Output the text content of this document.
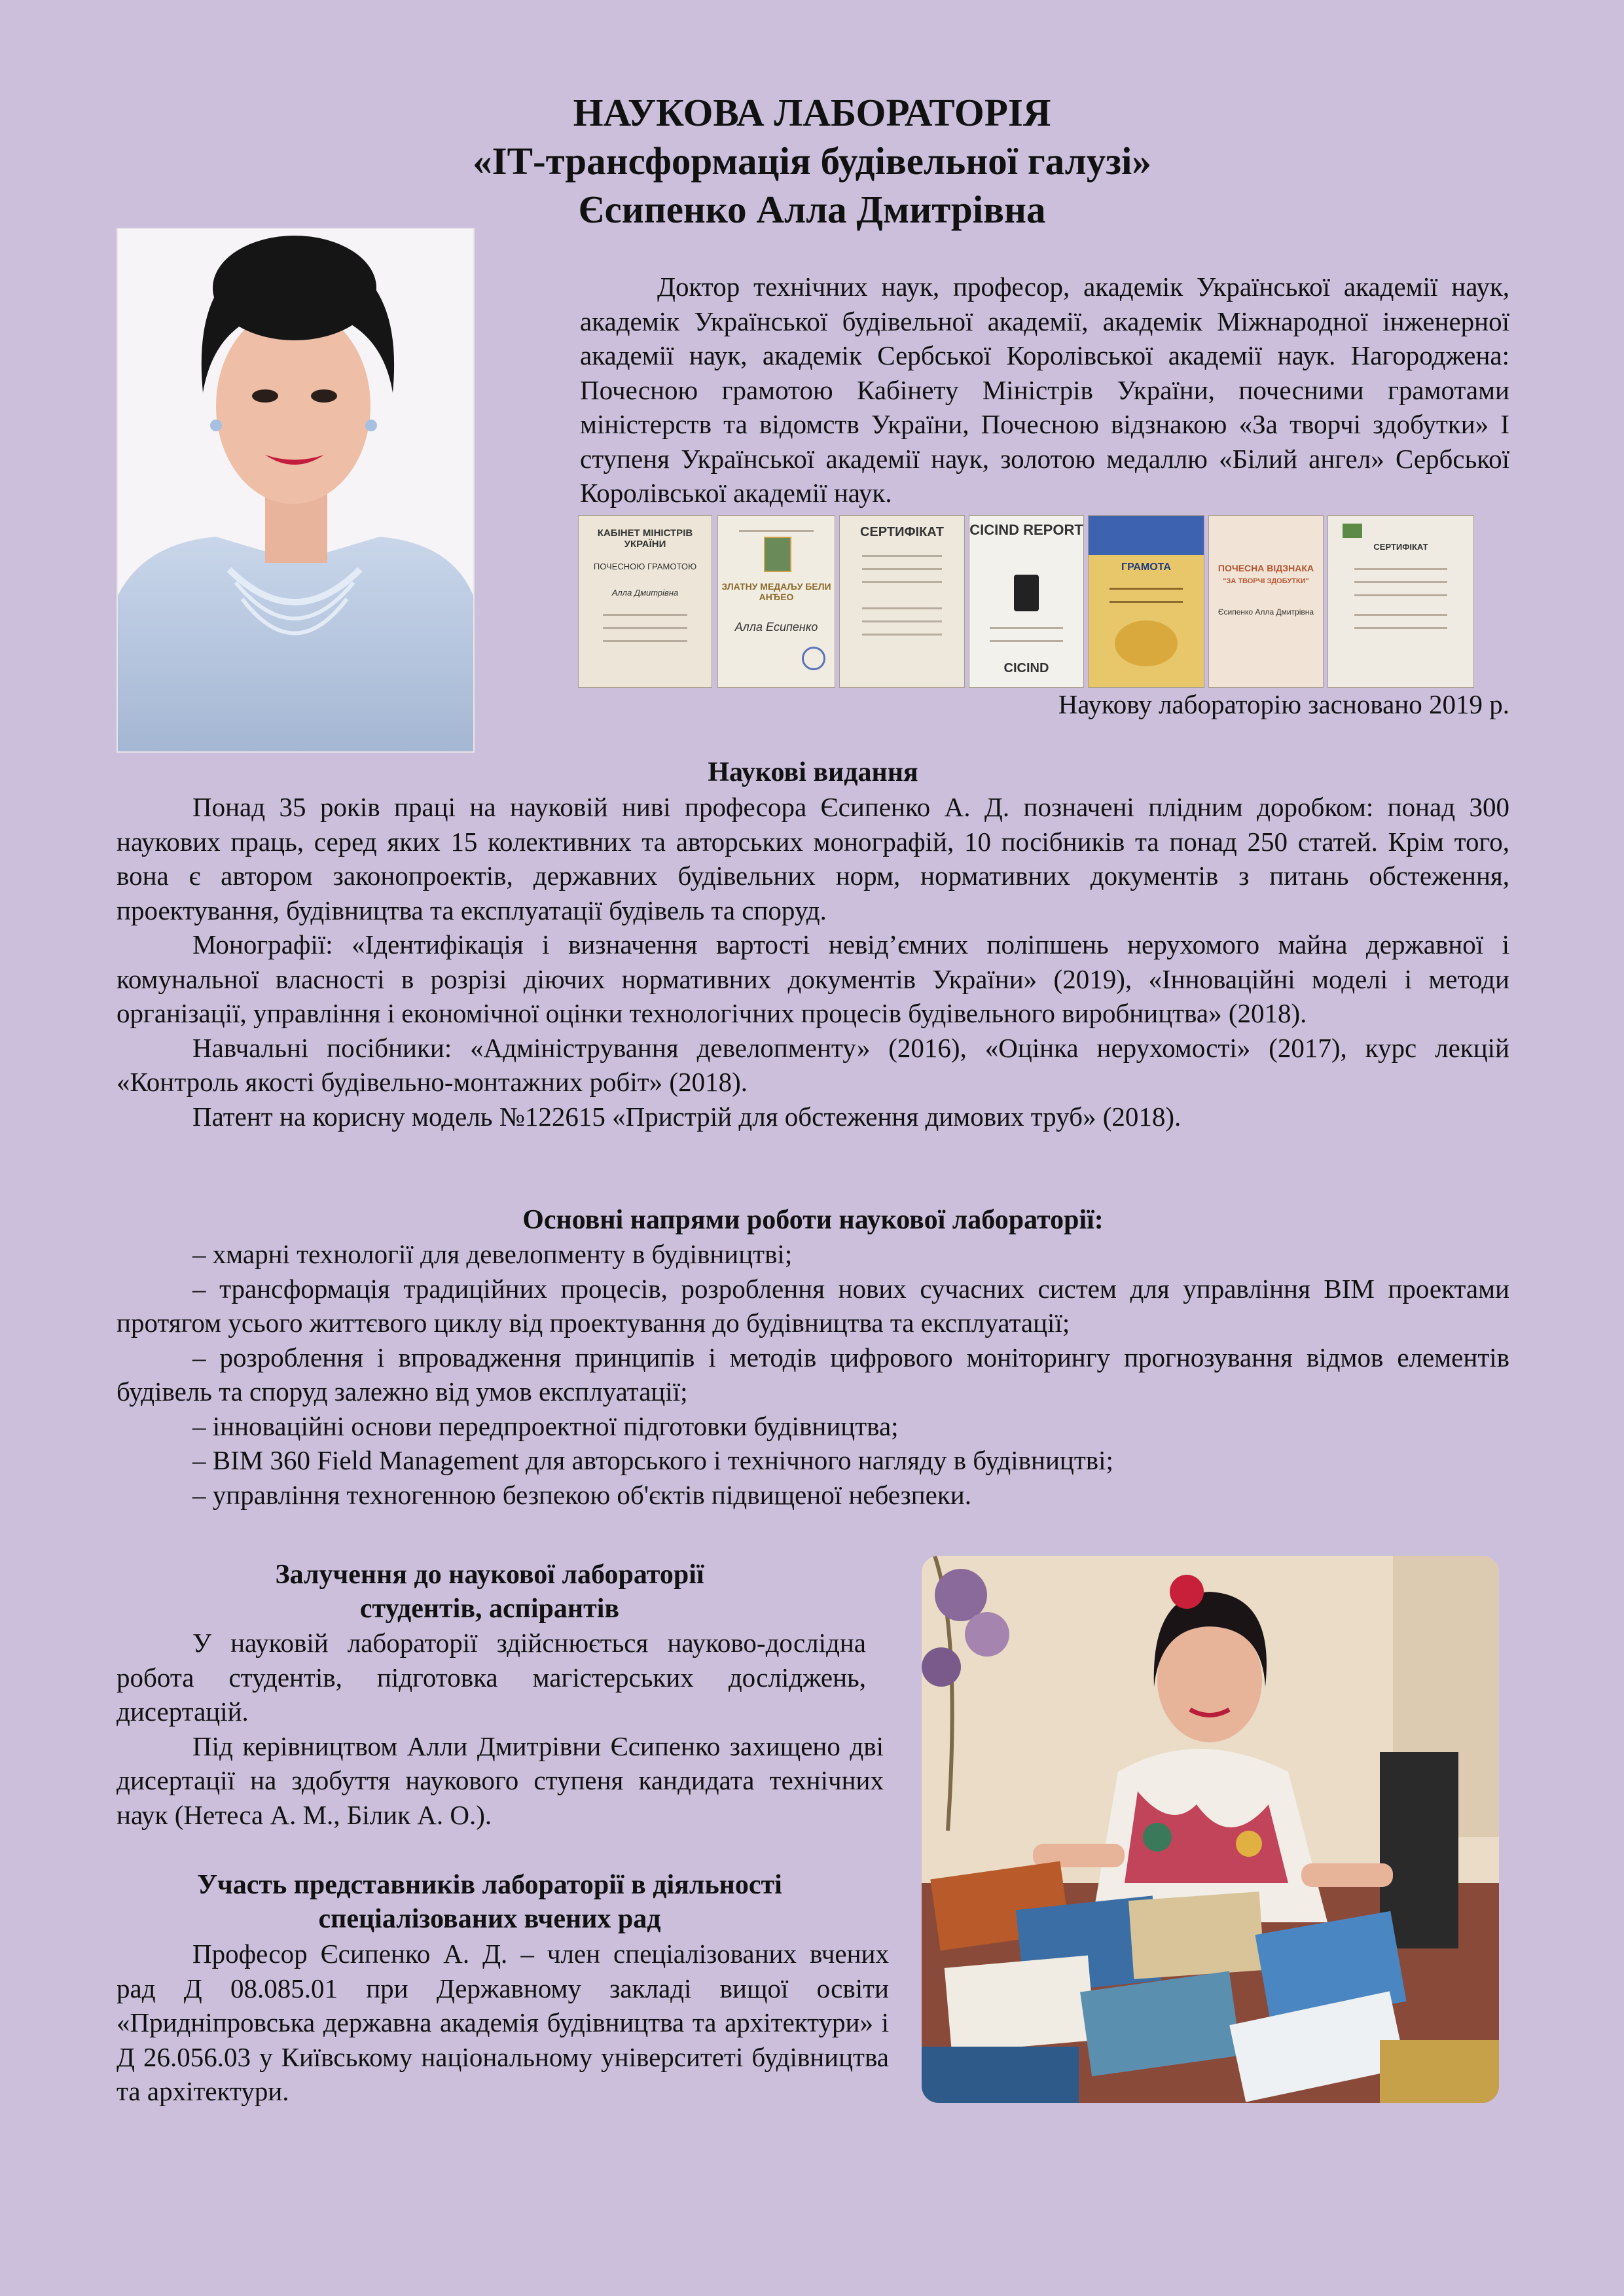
НАУКОВА ЛАБОРАТОРІЯ
«ІТ-трансформація будівельної галузі»
Єсипенко Алла Дмитрівна

Доктор технічних наук, професор, академік Української академії наук, академік Української будівельної академії, академік Міжнародної інженерної академії наук, академік Сербської Королівської академії наук. Нагороджена: Почесною грамотою Кабінету Міністрів України, почесними грамотами міністерств та відомств України, Почесною відзнакою «За творчі здобутки» І ступеня Української академії наук, золотою медаллю «Білий ангел» Сербської Королівської академії наук.

КАБІНЕТ МІНІСТРІВ УКРАЇНИ
ПОЧЕСНОЮ ГРАМОТОЮ
Алла Дмитрівна
ЗЛАТНУ МЕДАЉУ БЕЛИ АНЂЕО
Алла Есипенко
СЕРТИФІКАТ	CICIND REPORT
CICIND
ГРАМОТА	ПОЧЕСНА ВІДЗНАКА
"ЗА ТВОРЧІ ЗДОБУТКИ"
Єсипенко Алла Дмитрівна
СЕРТИФІКАТ
Наукову лабораторію засновано 2019 р.
Наукові видання

Понад 35 років праці на науковій ниві професора Єсипенко А. Д. позначені плідним доробком: понад 300 наукових праць, серед яких 15 колективних та авторських монографій, 10 посібників та понад 250 статей. Крім того, вона є автором законопроектів, державних будівельних норм, нормативних документів з питань обстеження, проектування, будівництва та експлуатації будівель та споруд.

Монографії: «Ідентифікація і визначення вартості невід’ємних поліпшень нерухомого майна державної і комунальної власності в розрізі діючих нормативних документів України» (2019), «Інноваційні моделі і методи організації, управління і економічної оцінки технологічних процесів будівельного виробництва» (2018).

Навчальні посібники: «Адміністрування девелопменту» (2016), «Оцінка нерухомості» (2017), курс лекцій «Контроль якості будівельно-монтажних робіт» (2018).

Патент на корисну модель №122615 «Пристрій для обстеження димових труб» (2018).

Основні напрями роботи наукової лабораторії:

– хмарні технології для девелопменту в будівництві;

– трансформація традиційних процесів, розроблення нових сучасних систем для управління BIM проектами протягом усього життєвого циклу від проектування до будівництва та експлуатації;

– розроблення і впровадження принципів і методів цифрового моніторингу прогнозування відмов елементів будівель та споруд залежно від умов експлуатації;

– інноваційні основи передпроектної підготовки будівництва;

– BIM 360 Field Management для авторського і технічного нагляду в будівництві;

– управління техногенною безпекою об'єктів підвищеної небезпеки.

Залучення до наукової лабораторії
студентів, аспірантів

У науковій лабораторії здійснюється науково-дослідна робота студентів, підготовка магістерських досліджень, дисертацій.

Під керівництвом Алли Дмитрівни Єсипенко захищено дві дисертації на здобуття наукового ступеня кандидата технічних наук (Нетеса А. М., Білик А. О.).

Участь представників лабораторії в діяльності
спеціалізованих вчених рад

Професор Єсипенко А. Д. – член спеціалізованих вчених рад Д 08.085.01 при Державному закладі вищої освіти «Придніпровська державна академія будівництва та архітектури» і Д 26.056.03 у Київському національному університеті будівництва та архітектури.
